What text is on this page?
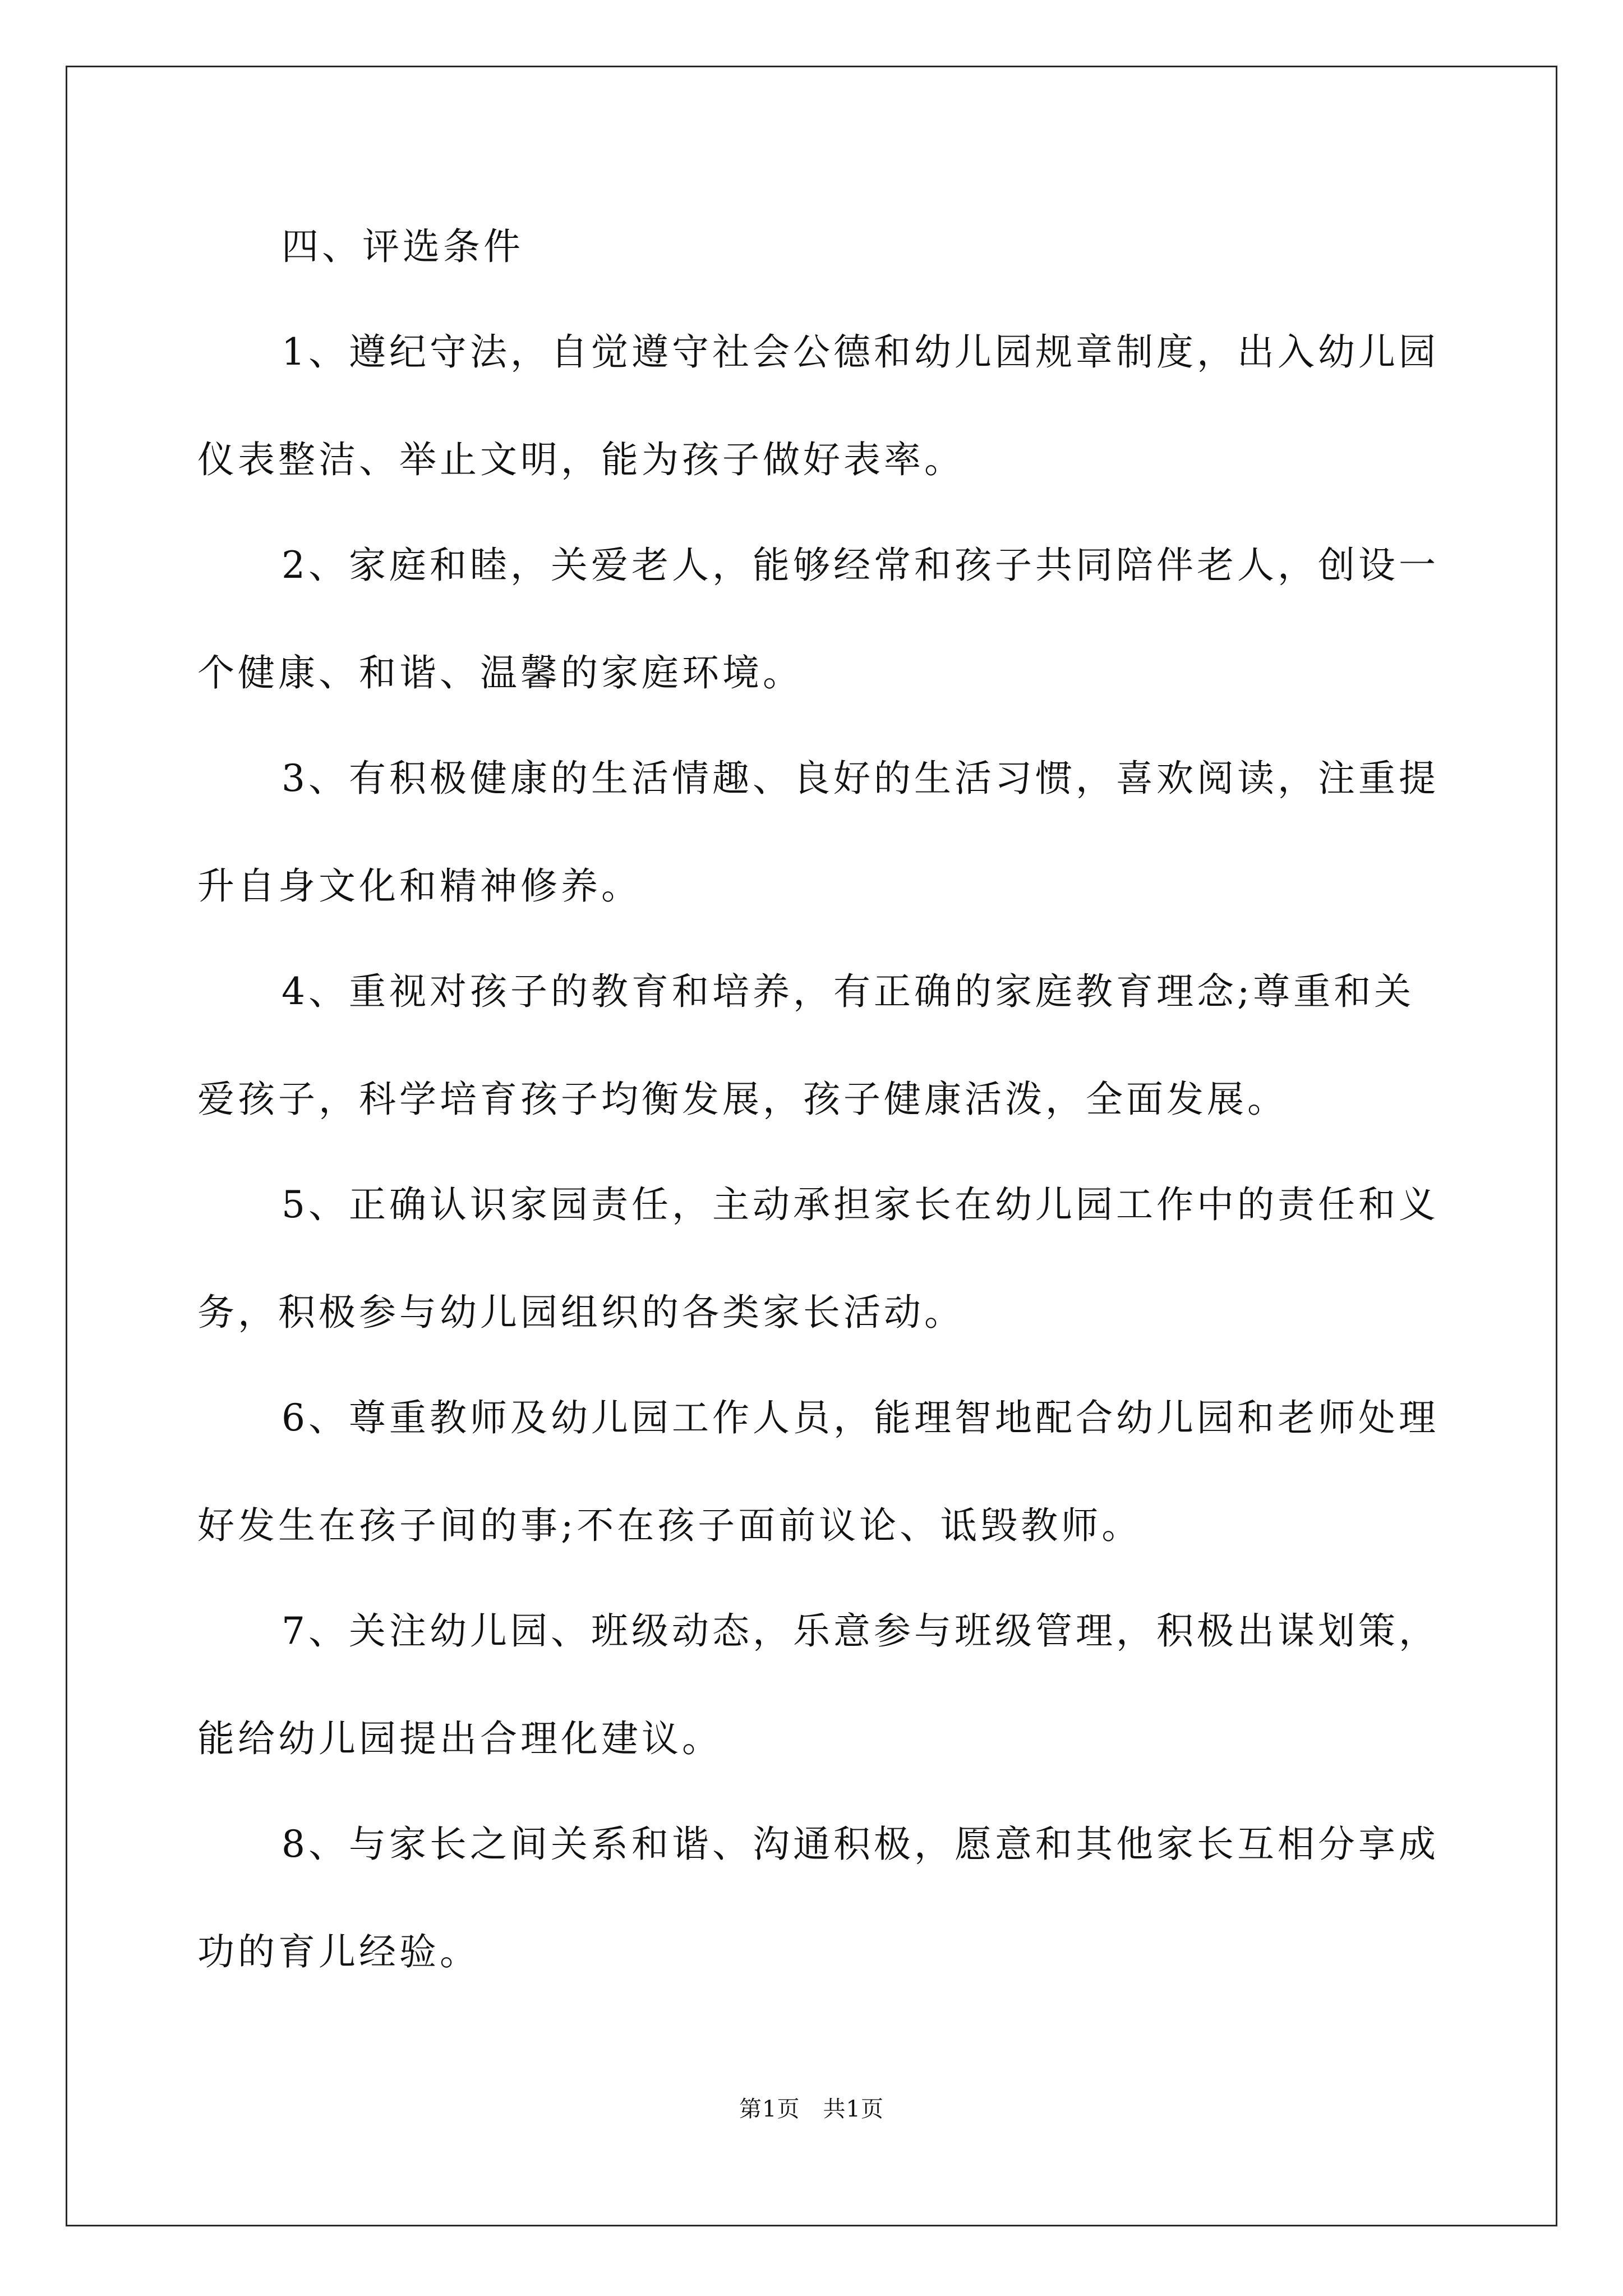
四、评选条件

1、遵纪守法，自觉遵守社会公德和幼儿园规章制度，出入幼儿园
仪表整洁、举止文明，能为孩子做好表率。
2、家庭和睦，关爱老人，能够经常和孩子共同陪伴老人，创设一
个健康、和谐、温馨的家庭环境。
3、有积极健康的生活情趣、良好的生活习惯，喜欢阅读，注重提
升自身文化和精神修养。
4、重视对孩子的教育和培养，有正确的家庭教育理念;尊重和关
爱孩子，科学培育孩子均衡发展，孩子健康活泼，全面发展。
5、正确认识家园责任，主动承担家长在幼儿园工作中的责任和义
务，积极参与幼儿园组织的各类家长活动。
6、尊重教师及幼儿园工作人员，能理智地配合幼儿园和老师处理
好发生在孩子间的事;不在孩子面前议论、诋毁教师。
7、关注幼儿园、班级动态，乐意参与班级管理，积极出谋划策，
能给幼儿园提出合理化建议。
8、与家长之间关系和谐、沟通积极，愿意和其他家长互相分享成
功的育儿经验。
第1页　共1页
